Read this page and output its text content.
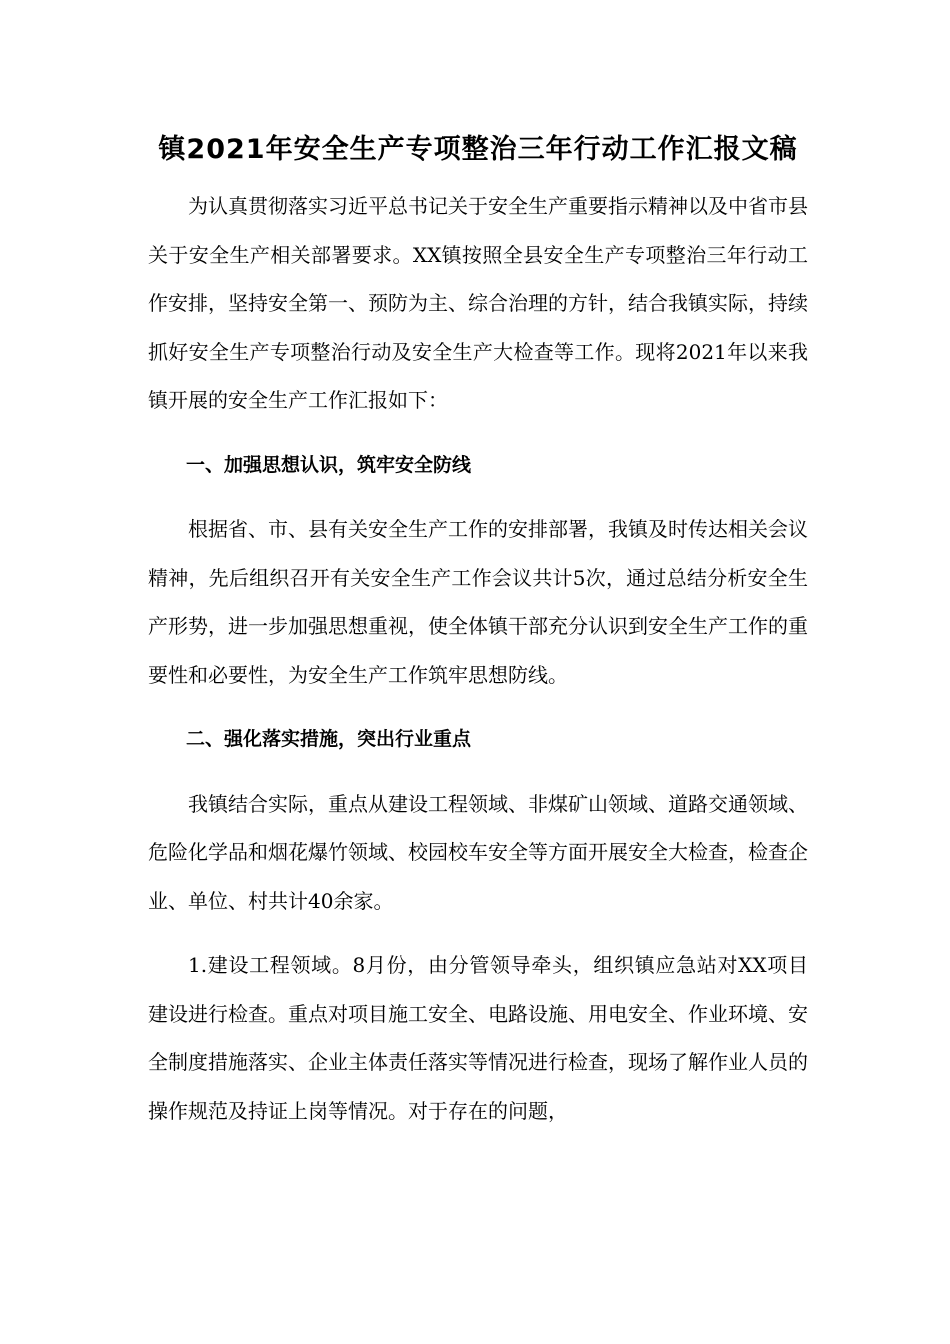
镇2021年安全生产专项整治三年行动工作汇报文稿

为认真贯彻落实习近平总书记关于安全生产重要指示精神以及中省市县关于安全生产相关部署要求。XX镇按照全县安全生产专项整治三年行动工作安排，坚持安全第一、预防为主、综合治理的方针，结合我镇实际，持续抓好安全生产专项整治行动及安全生产大检查等工作。现将2021年以来我镇开展的安全生产工作汇报如下：

一、加强思想认识，筑牢安全防线

根据省、市、县有关安全生产工作的安排部署，我镇及时传达相关会议精神，先后组织召开有关安全生产工作会议共计5次，通过总结分析安全生产形势，进一步加强思想重视，使全体镇干部充分认识到安全生产工作的重要性和必要性，为安全生产工作筑牢思想防线。

二、强化落实措施，突出行业重点

我镇结合实际，重点从建设工程领域、非煤矿山领域、道路交通领域、危险化学品和烟花爆竹领域、校园校车安全等方面开展安全大检查，检查企业、单位、村共计40余家。

1.建设工程领域。8月份，由分管领导牵头，组织镇应急站对XX项目建设进行检查。重点对项目施工安全、电路设施、用电安全、作业环境、安全制度措施落实、企业主体责任落实等情况进行检查，现场了解作业人员的操作规范及持证上岗等情况。对于存在的问题，
